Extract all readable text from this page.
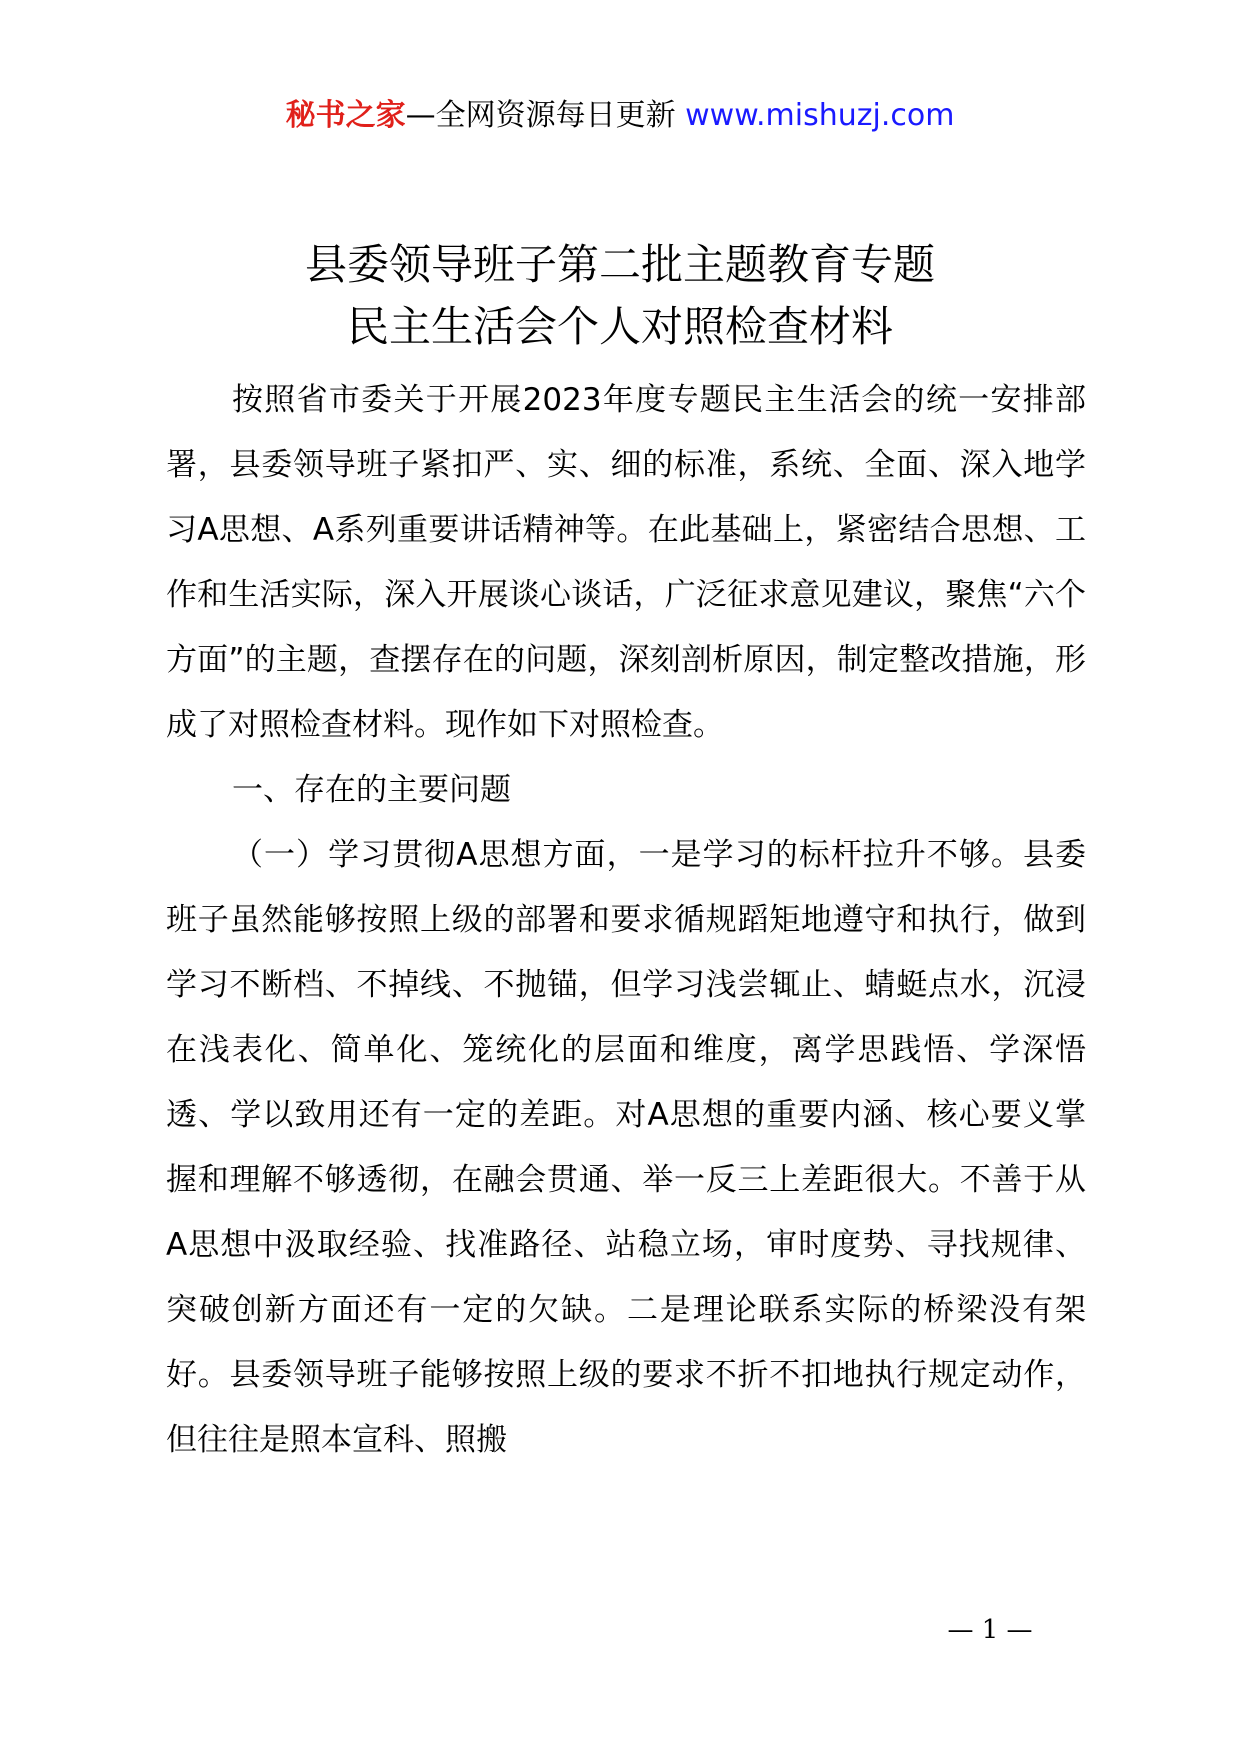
秘书之家—全网资源每日更新 www.mishuzj.com
县委领导班子第二批主题教育专题
民主生活会个人对照检查材料

按照省市委关于开展2023年度专题民主生活会的统一安排部署，县委领导班子紧扣严、实、细的标准，系统、全面、深入地学习A思想、A系列重要讲话精神等。在此基础上，紧密结合思想、工作和生活实际，深入开展谈心谈话，广泛征求意见建议，聚焦“六个方面”的主题，查摆存在的问题，深刻剖析原因，制定整改措施，形成了对照检查材料。现作如下对照检查。

一、存在的主要问题

（一）学习贯彻A思想方面，一是学习的标杆拉升不够。县委班子虽然能够按照上级的部署和要求循规蹈矩地遵守和执行，做到学习不断档、不掉线、不抛锚，但学习浅尝辄止、蜻蜓点水，沉浸在浅表化、简单化、笼统化的层面和维度，离学思践悟、学深悟透、学以致用还有一定的差距。对A思想的重要内涵、核心要义掌握和理解不够透彻，在融会贯通、举一反三上差距很大。不善于从A思想中汲取经验、找准路径、站稳立场，审时度势、寻找规律、突破创新方面还有一定的欠缺。二是理论联系实际的桥梁没有架好。县委领导班子能够按照上级的要求不折不扣地执行规定动作，但往往是照本宣科、照搬

— 1 —
